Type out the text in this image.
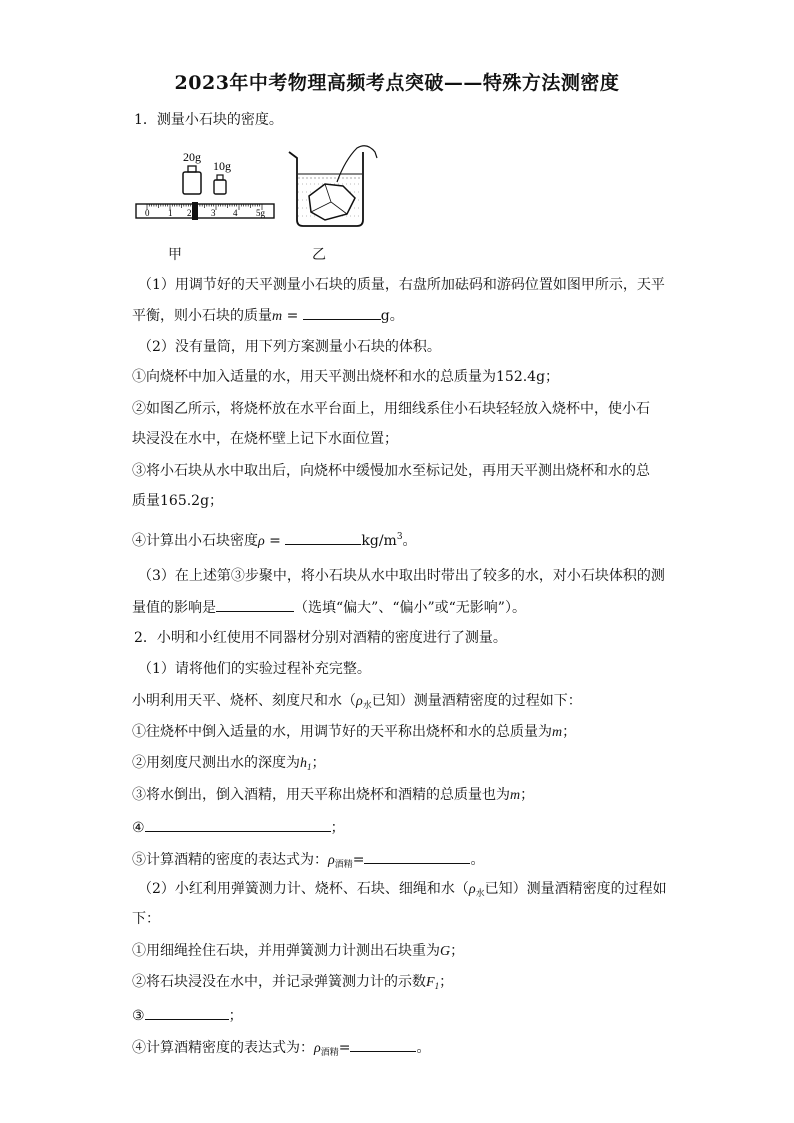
2023年中考物理高频考点突破——特殊方法测密度
1．测量小石块的密度。
20g
10g
0 1 2 3 4 5g
甲	乙
（1）用调节好的天平测量小石块的质量，右盘所加砝码和游码位置如图甲所示，天平
平衡，则小石块的质量m =	g。
（2）没有量筒，用下列方案测量小石块的体积。
①向烧杯中加入适量的水，用天平测出烧杯和水的总质量为152.4g；
②如图乙所示，将烧杯放在水平台面上，用细线系住小石块轻轻放入烧杯中，使小石
块浸没在水中，在烧杯壁上记下水面位置；
③将小石块从水中取出后，向烧杯中缓慢加水至标记处，再用天平测出烧杯和水的总
质量165.2g；
④计算出小石块密度ρ =	$kg/m^3$。
（3）在上述第③步聚中，将小石块从水中取出时带出了较多的水，对小石块体积的测
量值的影响是	（选填“偏大”、“偏小”或“无影响”）。
2．小明和小红使用不同器材分别对酒精的密度进行了测量。
（1）请将他们的实验过程补充完整。
小明利用天平、烧杯、刻度尺和水（$\rho_水$已知）测量酒精密度的过程如下：
①往烧杯中倒入适量的水，用调节好的天平称出烧杯和水的总质量为m；
②用刻度尺测出水的深度为$h_1$；
③将水倒出，倒入酒精，用天平称出烧杯和酒精的总质量也为m；
④	；
⑤计算酒精的密度的表达式为：$\rho_{酒精}=$	。
（2）小红利用弹簧测力计、烧杯、石块、细绳和水（$\rho_水$已知）测量酒精密度的过程如
下：
①用细绳拴住石块，并用弹簧测力计测出石块重为G；
②将石块浸没在水中，并记录弹簧测力计的示数$F_1$；
③	；
④计算酒精密度的表达式为：$\rho_{酒精}=$	。
